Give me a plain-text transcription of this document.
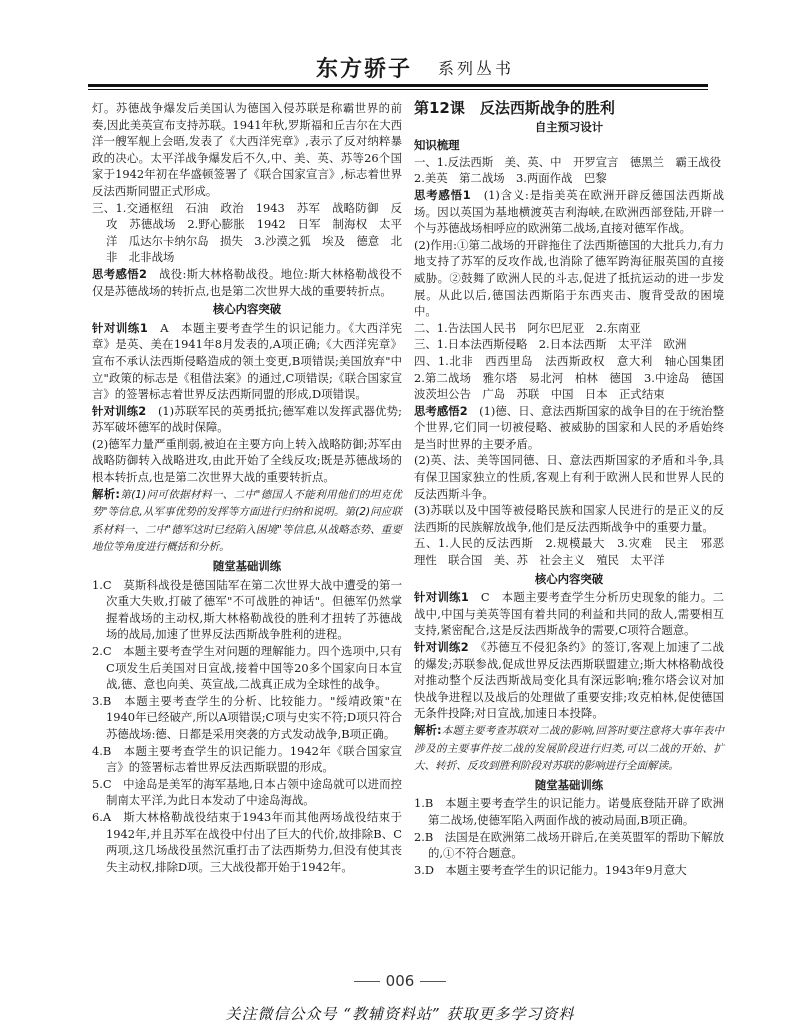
东方骄子 系列丛书

灯。苏德战争爆发后美国认为德国入侵苏联是称霸世界的前奏,因此美英宣布支持苏联。1941年秋,罗斯福和丘吉尔在大西洋一艘军舰上会晤,发表了《大西洋宪章》,表示了反对纳粹暴政的决心。太平洋战争爆发后不久,中、美、英、苏等26个国家于1942年初在华盛顿签署了《联合国家宣言》,标志着世界反法西斯同盟正式形成。

三、1.交通枢纽　石油　政治　1943　苏军　战略防御　反攻　苏德战场　2.野心膨胀　1942　日军　制海权　太平洋　瓜达尔卡纳尔岛　损失　3.沙漠之狐　埃及　德意　北非　北非战场

思考感悟2　 战役:斯大林格勒战役。地位:斯大林格勒战役不仅是苏德战场的转折点,也是第二次世界大战的重要转折点。

核心内容突破

针对训练1　 A　本题主要考查学生的识记能力。《大西洋宪章》是英、美在1941年8月发表的,A项正确;《大西洋宪章》宣布不承认法西斯侵略造成的领土变更,B项错误;美国放弃"中立"政策的标志是《租借法案》的通过,C项错误;《联合国家宣言》的签署标志着世界反法西斯同盟的形成,D项错误。

针对训练2　 (1)苏联军民的英勇抵抗;德军难以发挥武器优势;苏军破坏德军的战时保障。

(2)德军力量严重削弱,被迫在主要方向上转入战略防御;苏军由战略防御转入战略进攻,由此开始了全线反攻;既是苏德战场的根本转折点,也是第二次世界大战的重要转折点。

解析:第(1)问可依据材料一、二中"德国人不能利用他们的坦克优势"等信息,从军事优势的发挥等方面进行归纳和说明。第(2)问应联系材料一、二中"德军这时已经陷入困境"等信息,从战略态势、重要地位等角度进行概括和分析。

随堂基础训练

1.C　莫斯科战役是德国陆军在第二次世界大战中遭受的第一次重大失败,打破了德军"不可战胜的神话"。但德军仍然掌握着战场的主动权,斯大林格勒战役的胜利才扭转了苏德战场的战局,加速了世界反法西斯战争胜利的进程。

2.C　本题主要考查学生对问题的理解能力。四个选项中,只有C项发生后美国对日宣战,接着中国等20多个国家向日本宣战,德、意也向美、英宣战,二战真正成为全球性的战争。

3.B　本题主要考查学生的分析、比较能力。"绥靖政策"在1940年已经破产,所以A项错误;C项与史实不符;D项只符合苏德战场:德、日都是采用突袭的方式发动战争,B项正确。

4.B　本题主要考查学生的识记能力。1942年《联合国家宣言》的签署标志着世界反法西斯联盟的形成。

5.C　中途岛是美军的海军基地,日本占领中途岛就可以进而控制南太平洋,为此日本发动了中途岛海战。

6.A　斯大林格勒战役结束于1943年而其他两场战役结束于1942年,并且苏军在战役中付出了巨大的代价,故排除B、C两项,这几场战役虽然沉重打击了法西斯势力,但没有使其丧失主动权,排除D项。三大战役都开始于1942年。

第12课　反法西斯战争的胜利

自主预习设计

知识梳理

一、1.反法西斯　美、英、中　开罗宣言　德黑兰　霸王战役

2.美英　第二战场　3.两面作战　巴黎

思考感悟1　 (1)含义:是指美英在欧洲开辟反德国法西斯战场。因以英国为基地横渡英吉利海峡,在欧洲西部登陆,开辟一个与苏德战场相呼应的欧洲第二战场,直接对德军作战。

(2)作用:①第二战场的开辟拖住了法西斯德国的大批兵力,有力地支持了苏军的反攻作战,也消除了德军跨海征服英国的直接威胁。②鼓舞了欧洲人民的斗志,促进了抵抗运动的进一步发展。从此以后,德国法西斯陷于东西夹击、腹背受敌的困境中。

二、1.告法国人民书　阿尔巴尼亚　2.东南亚

三、1.日本法西斯侵略　2.日本法西斯　太平洋　欧洲

四、1.北非　西西里岛　法西斯政权　意大利　轴心国集团　2.第二战场　雅尔塔　易北河　柏林　德国　3.中途岛　德国　波茨坦公告　广岛　苏联　中国　日本　正式结束

思考感悟2　 (1)德、日、意法西斯国家的战争目的在于统治整个世界,它们同一切被侵略、被威胁的国家和人民的矛盾始终是当时世界的主要矛盾。

(2)英、法、美等国同德、日、意法西斯国家的矛盾和斗争,具有保卫国家独立的性质,客观上有利于欧洲人民和世界人民的反法西斯斗争。

(3)苏联以及中国等被侵略民族和国家人民进行的是正义的反法西斯的民族解放战争,他们是反法西斯战争中的重要力量。

五、1.人民的反法西斯　2.规模最大　3.灾难　民主　邪恶　理性　联合国　美、苏　社会主义　殖民　太平洋

核心内容突破

针对训练1　 C　本题主要考查学生分析历史现象的能力。二战中,中国与美英等国有着共同的利益和共同的敌人,需要相互支持,紧密配合,这是反法西斯战争的需要,C项符合题意。

针对训练2　 《苏德互不侵犯条约》的签订,客观上加速了二战的爆发;苏联参战,促成世界反法西斯联盟建立;斯大林格勒战役对推动整个反法西斯战局变化具有深远影响;雅尔塔会议对加快战争进程以及战后的处理做了重要安排;攻克柏林,促使德国无条件投降;对日宣战,加速日本投降。

解析:本题主要考查苏联对二战的影响,回答时要注意将大事年表中涉及的主要事件按二战的发展阶段进行归类,可以二战的开始、扩大、转折、反攻到胜利阶段对苏联的影响进行全面解读。

随堂基础训练

1.B　本题主要考查学生的识记能力。诺曼底登陆开辟了欧洲第二战场,使德军陷入两面作战的被动局面,B项正确。

2.B　法国是在欧洲第二战场开辟后,在美英盟军的帮助下解放的,①不符合题意。

3.D　本题主要考查学生的识记能力。1943年9月意大

006
关注微信公众号 “教辅资料站” 获取更多学习资料
